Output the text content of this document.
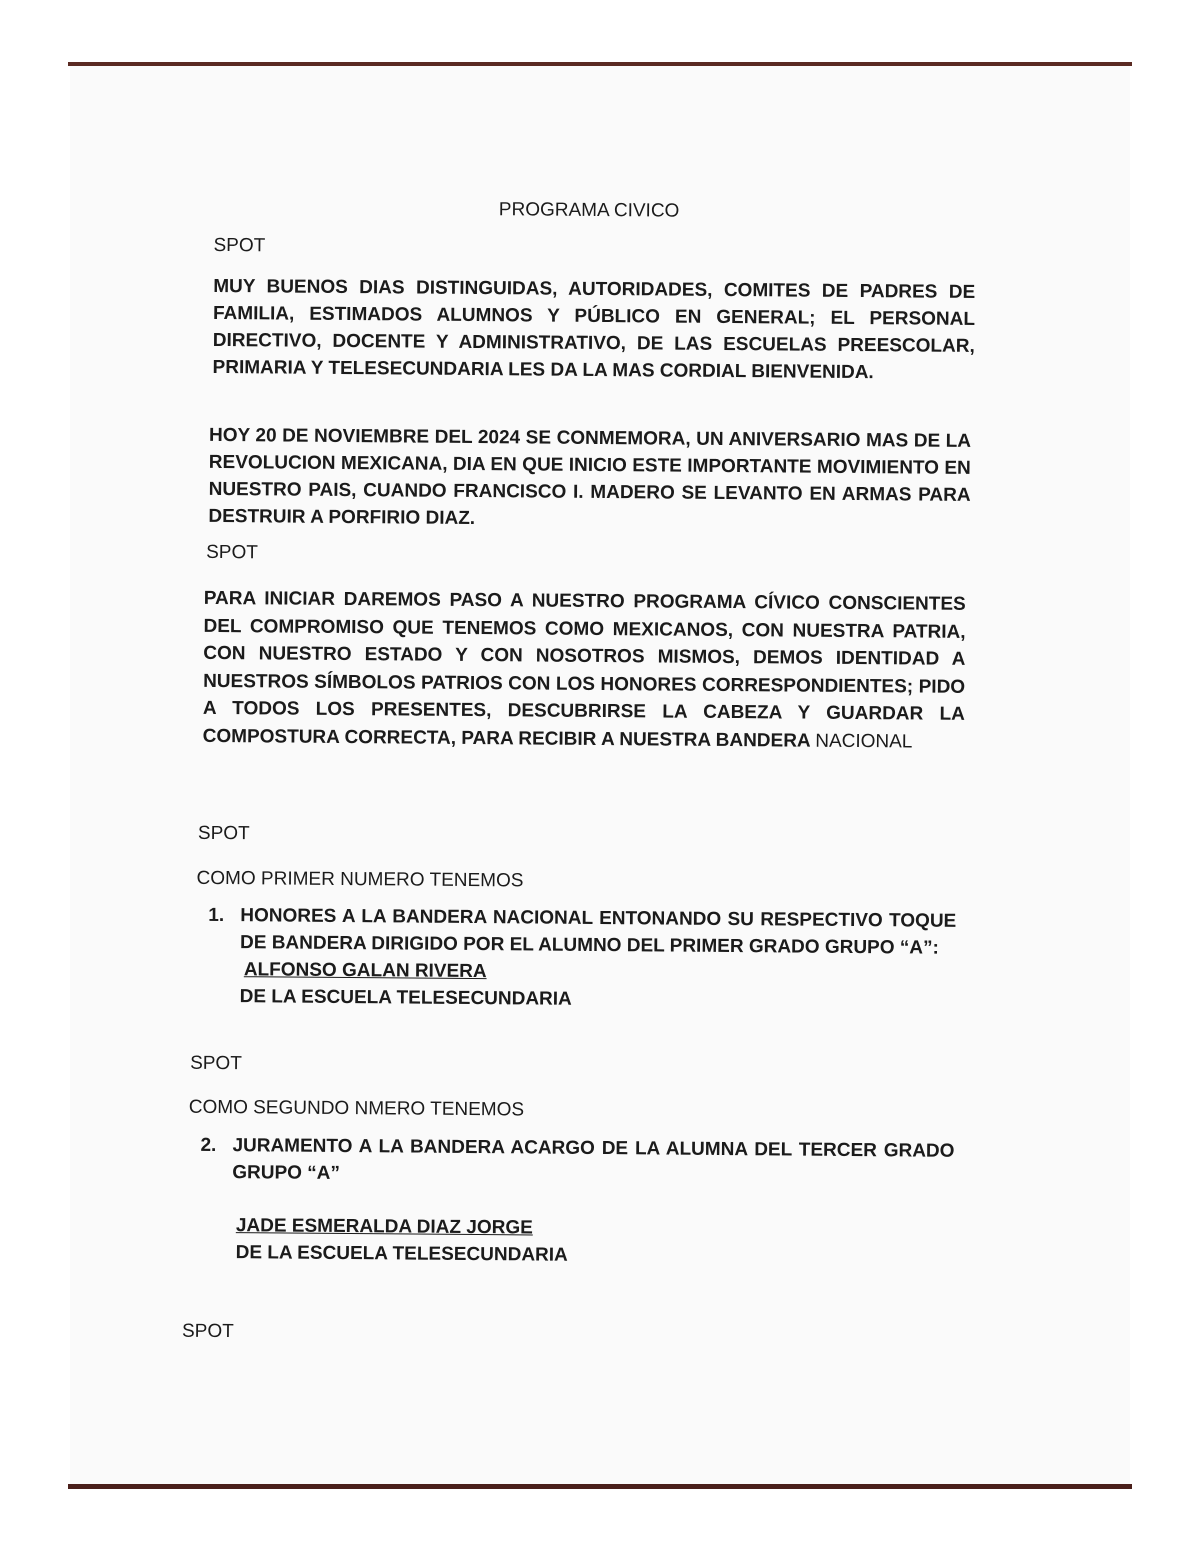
PROGRAMA CIVICO

SPOT

MUY BUENOS DIAS DISTINGUIDAS, AUTORIDADES, COMITES DE PADRES DE FAMILIA, ESTIMADOS ALUMNOS Y PÚBLICO EN GENERAL; EL PERSONAL DIRECTIVO, DOCENTE Y ADMINISTRATIVO, DE LAS ESCUELAS PREESCOLAR, PRIMARIA Y TELESECUNDARIA LES DA LA MAS CORDIAL BIENVENIDA.

HOY 20 DE NOVIEMBRE DEL 2024 SE CONMEMORA, UN ANIVERSARIO MAS DE LA REVOLUCION MEXICANA, DIA EN QUE INICIO ESTE IMPORTANTE MOVIMIENTO EN NUESTRO PAIS, CUANDO FRANCISCO I. MADERO SE LEVANTO EN ARMAS PARA DESTRUIR A PORFIRIO DIAZ.

SPOT

PARA INICIAR DAREMOS PASO A NUESTRO PROGRAMA CÍVICO CONSCIENTES DEL COMPROMISO QUE TENEMOS COMO MEXICANOS, CON NUESTRA PATRIA, CON NUESTRO ESTADO Y CON NOSOTROS MISMOS, DEMOS IDENTIDAD A NUESTROS SÍMBOLOS PATRIOS CON LOS HONORES CORRESPONDIENTES; PIDO A TODOS LOS PRESENTES, DESCUBRIRSE LA CABEZA Y GUARDAR LA COMPOSTURA CORRECTA, PARA RECIBIR A NUESTRA BANDERA NACIONAL

SPOT

COMO PRIMER NUMERO TENEMOS

1. HONORES A LA BANDERA NACIONAL ENTONANDO SU RESPECTIVO TOQUE DE BANDERA DIRIGIDO POR EL ALUMNO DEL PRIMER GRADO GRUPO “A”:

ALFONSO GALAN RIVERA
DE LA ESCUELA TELESECUNDARIA

SPOT

COMO SEGUNDO NMERO TENEMOS

2. JURAMENTO A LA BANDERA ACARGO DE LA ALUMNA DEL TERCER GRADO GRUPO “A”

JADE ESMERALDA DIAZ JORGE
DE LA ESCUELA TELESECUNDARIA

SPOT
